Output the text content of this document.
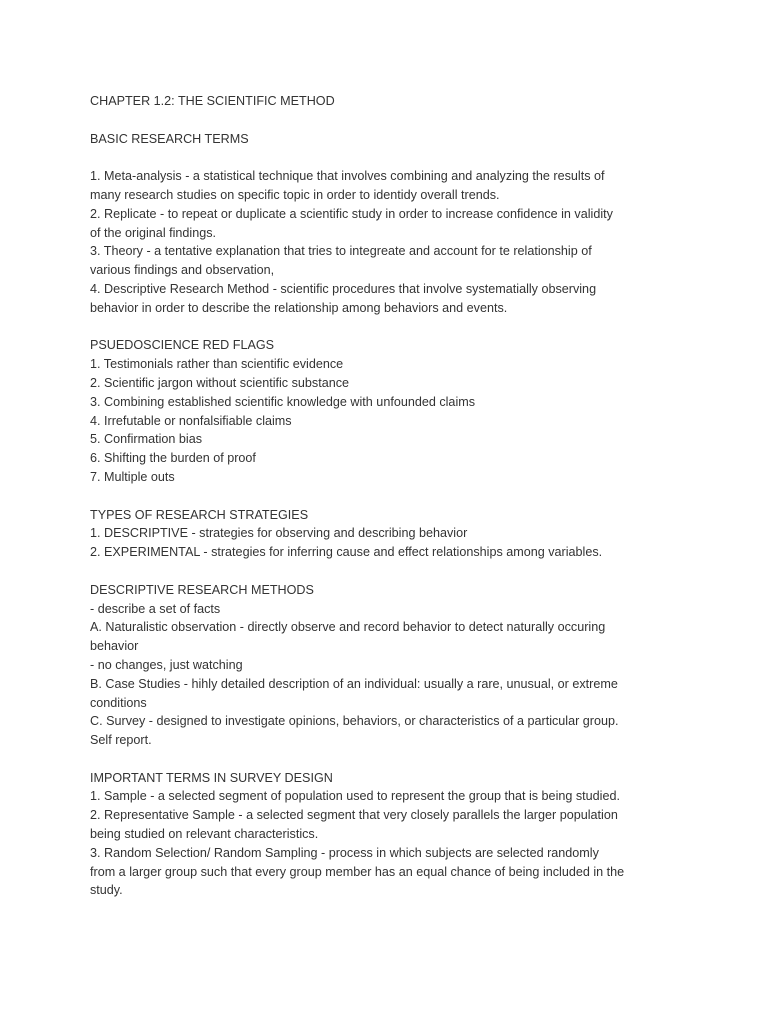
CHAPTER 1.2: THE SCIENTIFIC METHOD
BASIC RESEARCH TERMS
1. Meta-analysis - a statistical technique that involves combining and analyzing the results of
many research studies on specific topic in order to identidy overall trends.
2. Replicate - to repeat or duplicate a scientific study in order to increase confidence in validity
of the original findings.
3. Theory - a tentative explanation that tries to integreate and account for te relationship of
various findings and observation,
4. Descriptive Research Method - scientific procedures that involve systematially observing
behavior in order to describe the relationship among behaviors and events.
PSUEDOSCIENCE RED FLAGS
1. Testimonials rather than scientific evidence
2. Scientific jargon without scientific substance
3. Combining established scientific knowledge with unfounded claims
4. Irrefutable or nonfalsifiable claims
5. Confirmation bias
6. Shifting the burden of proof
7. Multiple outs
TYPES OF RESEARCH STRATEGIES
1. DESCRIPTIVE - strategies for observing and describing behavior
2. EXPERIMENTAL - strategies for inferring cause and effect relationships among variables.
DESCRIPTIVE RESEARCH METHODS
- describe a set of facts
A. Naturalistic observation - directly observe and record behavior to detect naturally occuring
behavior
- no changes, just watching
B. Case Studies - hihly detailed description of an individual: usually a rare, unusual, or extreme
conditions
C. Survey - designed to investigate opinions, behaviors, or characteristics of a particular group.
Self report.
IMPORTANT TERMS IN SURVEY DESIGN
1. Sample - a selected segment of population used to represent the group that is being studied.
2. Representative Sample - a selected segment that very closely parallels the larger population
being studied on relevant characteristics.
3. Random Selection/ Random Sampling - process in which subjects are selected randomly
from a larger group such that every group member has an equal chance of being included in the
study.
